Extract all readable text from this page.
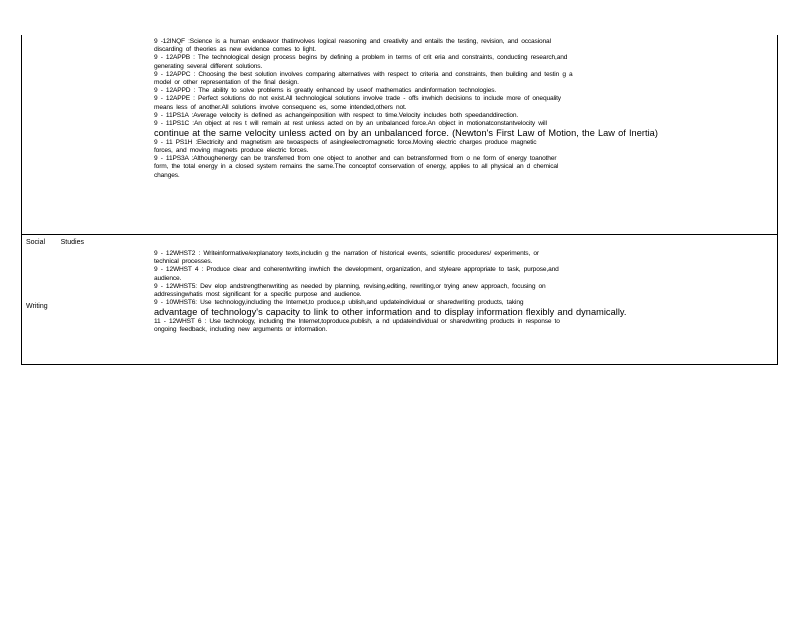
9 -12INQF :Science is a human endeavor thatinvolves logical reasoning and creativity and entails the testing, revision, and occasional

discarding of theories as new evidence comes to light.

9 - 12APPB : The technological design process begins by defining a problem in terms of crit eria and constraints, conducting research,and

generating several different solutions.

9 - 12APPC : Choosing the best solution involves comparing alternatives with respect to criteria and constraints, then building and testin g a

model or other representation of the final design.

9 - 12APPD : The ability to solve problems is greatly enhanced by useof mathematics andinformation technologies.

9 - 12APPE : Perfect solutions do not exist.All technological solutions involve trade - offs inwhich decisions to include more of onequality

means less of another.All solutions involve consequenc es, some intended,others not.

9 - 11PS1A :Average velocity is defined as achangeinposition with respect to time.Velocity includes both speedanddirection.

9 - 11PS1C :An object at res t will remain at rest unless acted on by an unbalanced force.An object in motionatconstantvelocity will

continue at the same velocity unless acted on by an unbalanced force. (Newton's First Law of Motion, the Law of Inertia)

9 - 11 PS1H :Electricity and magnetism are twoaspects of asingleelectromagnetic force.Moving electric charges produce magnetic

forces, and moving magnets produce electric forces.

9 - 11PS3A :Althoughenergy can be transferred from one object to another and can betransformed from o ne form of energy toanother

form, the total energy in a closed system remains the same.The conceptof conservation of energy, applies to all physical an d chemical

changes.

Social        Studies
Writing

9 - 12WHST2 : Writeinformative/explanatory texts,includin g the narration of historical events, scientific procedures/ experiments, or

technical processes.

9 - 12WHST 4 : Produce clear and coherentwriting inwhich the development, organization, and styleare appropriate to task, purpose,and

audience.

9 - 12WHST5: Dev elop andstrengthenwriting as needed by planning, revising,editing, rewriting,or trying anew approach, focusing on

addressingwhatis most significant for a specific purpose and audience.

9 - 10WHST6: Use technology,including the Internet,to produce,p ublish,and updateindividual or sharedwriting products, taking

advantage of technology's capacity to link to other information and to display information flexibly and dynamically.

11 - 12WHST 6 : Use technology, including the Internet,toproduce,publish, a nd updateindividual or sharedwriting products in response to

ongoing feedback, including new arguments or information.
